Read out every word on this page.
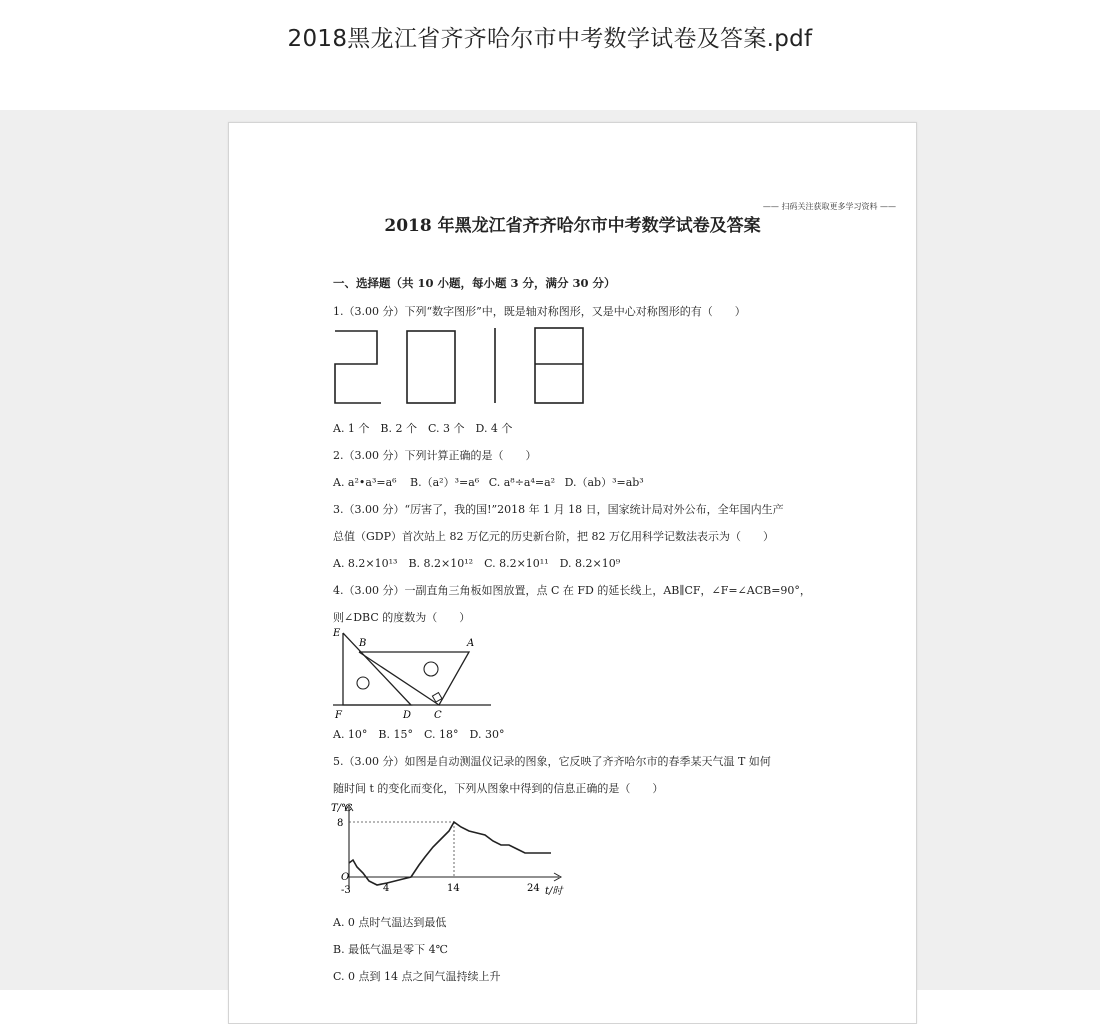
2018黑龙江省齐齐哈尔市中考数学试卷及答案.pdf
—— 扫码关注获取更多学习资料 ——
2018 年黑龙江省齐齐哈尔市中考数学试卷及答案
一、选择题（共 10 小题，每小题 3 分，满分 30 分）
1.（3.00 分）下列“数字图形”中，既是轴对称图形，又是中心对称图形的有（　　）
A. 1 个　B. 2 个　C. 3 个　D. 4 个
2.（3.00 分）下列计算正确的是（　　）
A. a²•a³=a⁶ B.（a²）³=a⁶ C. a⁸÷a⁴=a² D.（ab）³=ab³
3.（3.00 分）“厉害了，我的国!”2018 年 1 月 18 日，国家统计局对外公布，全年国内生产
总值（GDP）首次站上 82 万亿元的历史新台阶，把 82 万亿用科学记数法表示为（　　）
A. 8.2×10¹³　B. 8.2×10¹²　C. 8.2×10¹¹　D. 8.2×10⁹
4.（3.00 分）一副直角三角板如图放置，点 C 在 FD 的延长线上，AB∥CF，∠F=∠ACB=90°，
则∠DBC 的度数为（　　）
E
B	A
F	D C
A. 10°　B. 15°　C. 18°　D. 30°
5.（3.00 分）如图是自动测温仪记录的图象，它反映了齐齐哈尔市的春季某天气温 T 如何
随时间 t 的变化而变化，下列从图象中得到的信息正确的是（　　）
T/℃
8
O
-3	4	14	24 t/时
A. 0 点时气温达到最低
B. 最低气温是零下 4℃
C. 0 点到 14 点之间气温持续上升
